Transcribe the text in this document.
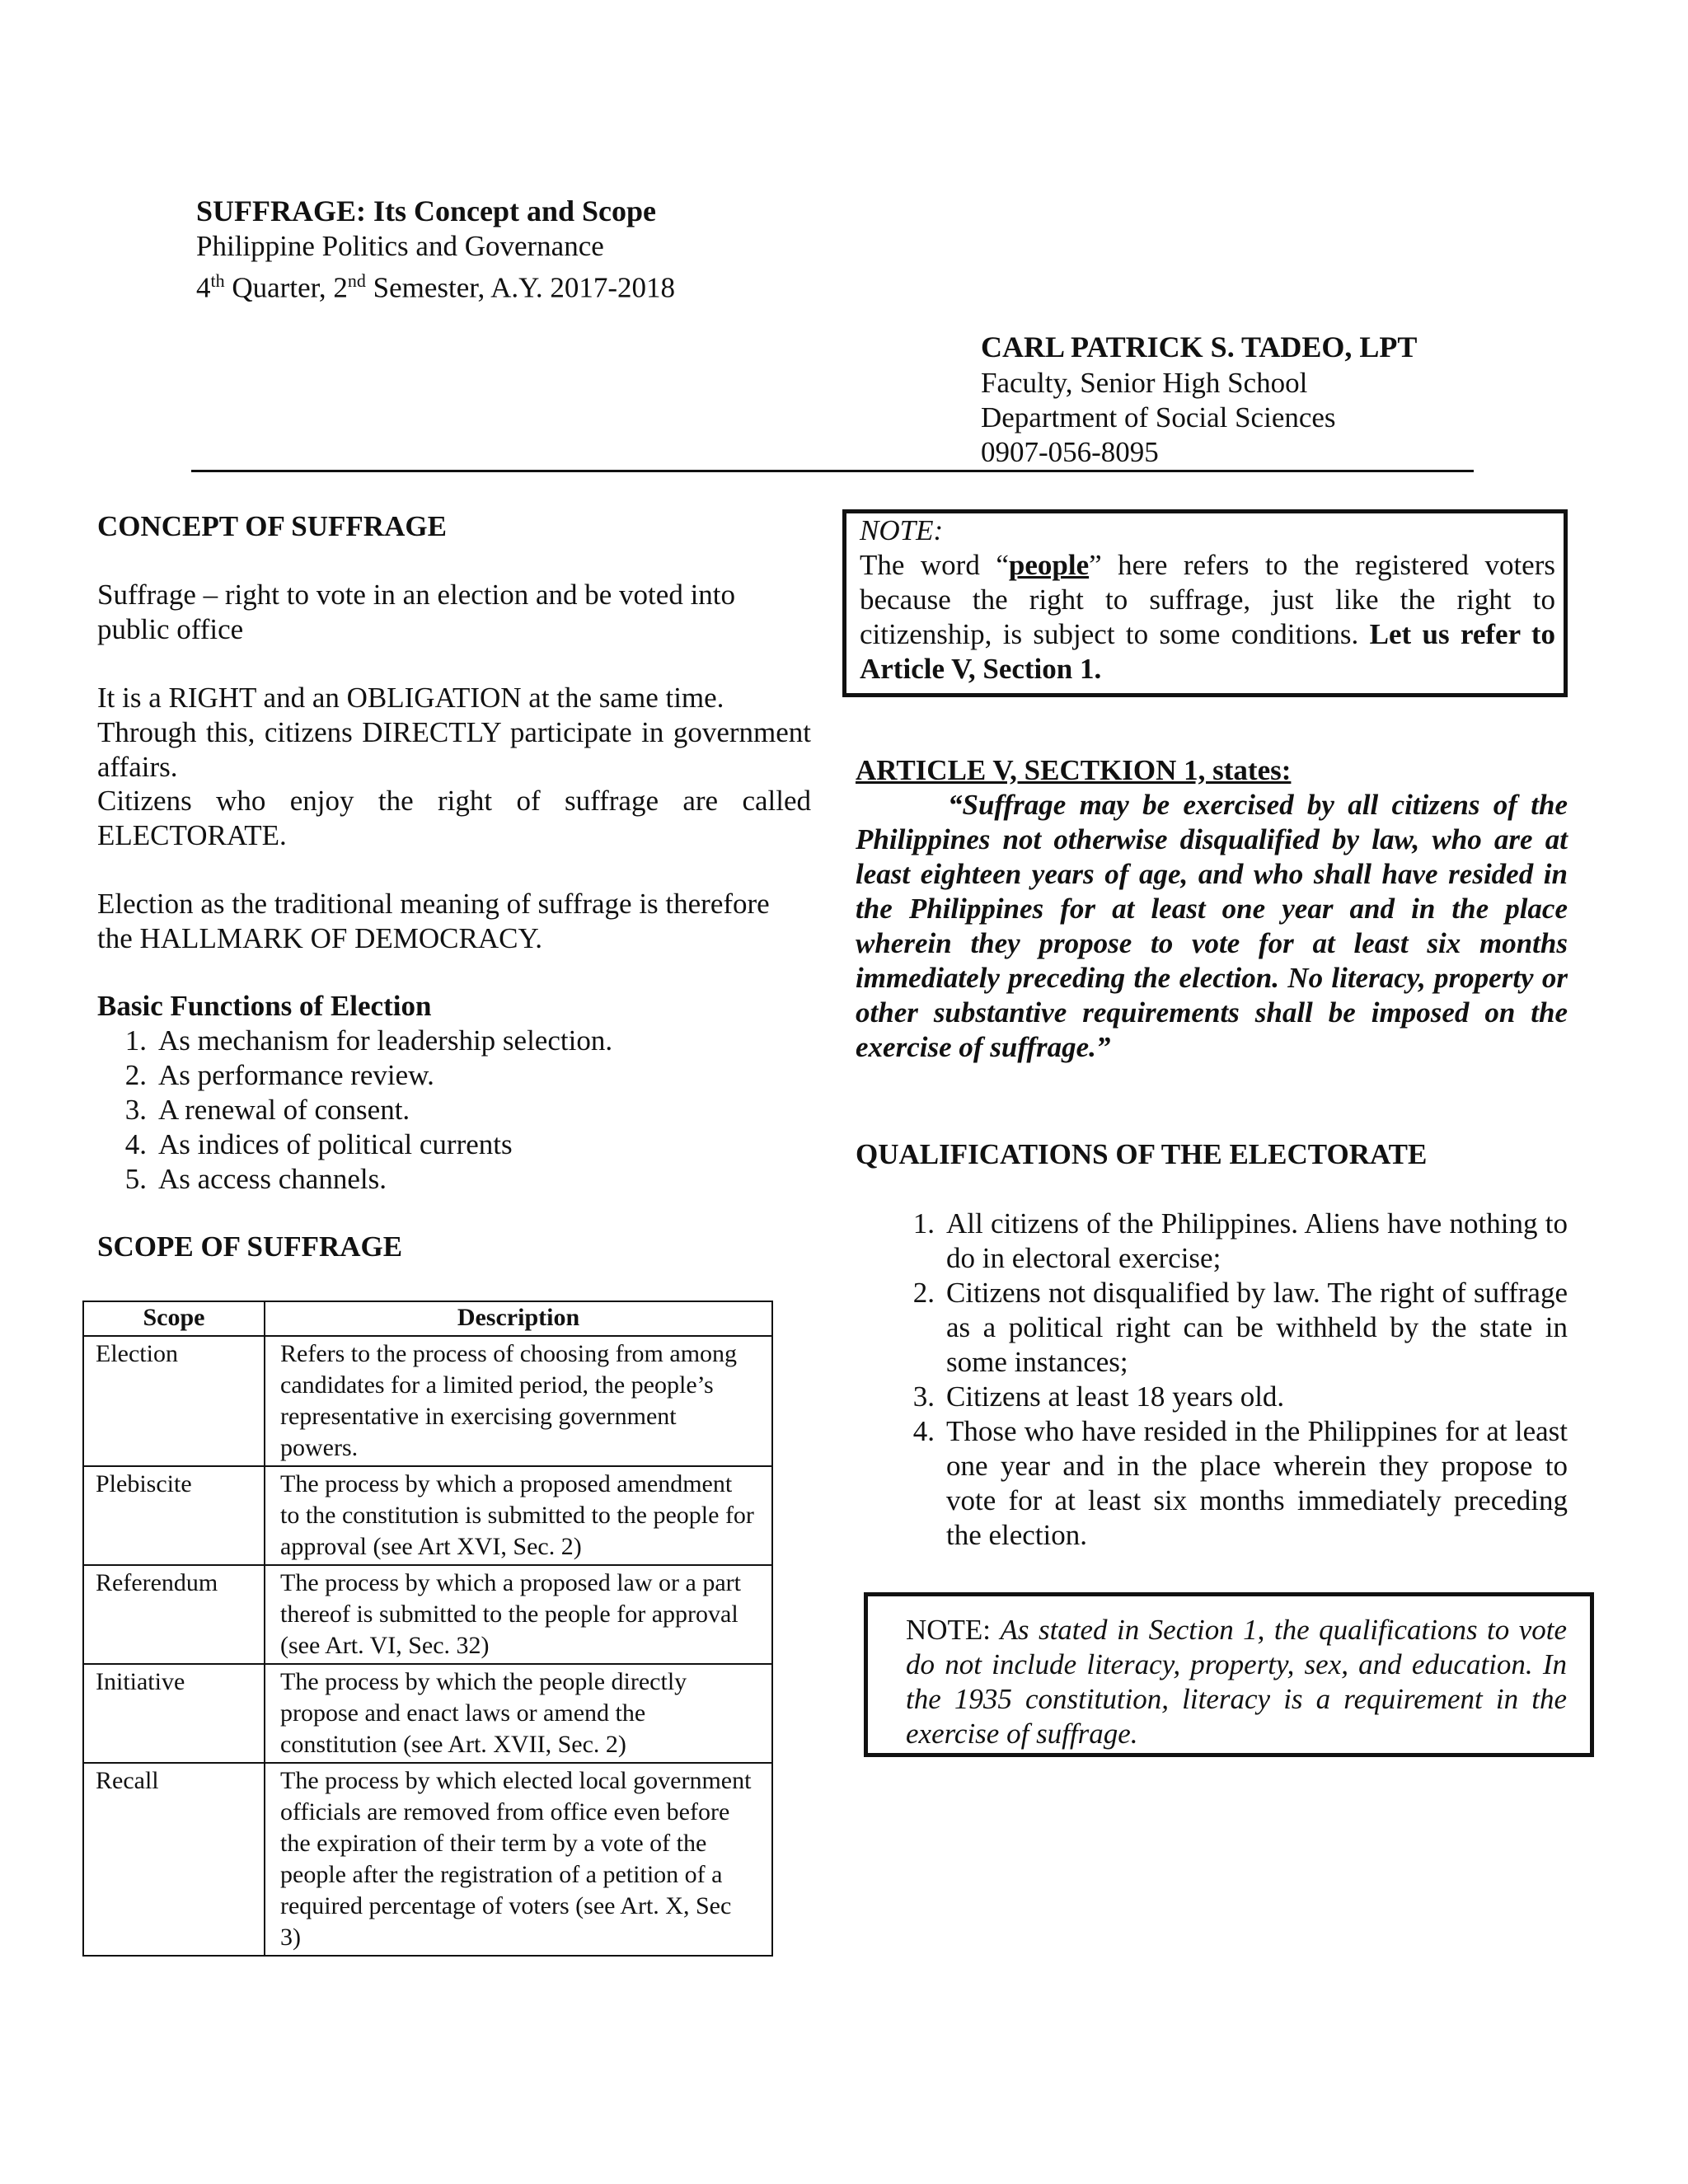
SUFFRAGE: Its Concept and Scope
Philippine Politics and Governance
4th Quarter, 2nd Semester, A.Y. 2017-2018
CARL PATRICK S. TADEO, LPT
Faculty, Senior High School
Department of Social Sciences
0907-056-8095
CONCEPT OF SUFFRAGE
Suffrage – right to vote in an election and be voted into public office
It is a RIGHT and an OBLIGATION at the same time.
Through this, citizens DIRECTLY participate in government affairs.
Citizens who enjoy the right of suffrage are called ELECTORATE.
Election as the traditional meaning of suffrage is therefore the HALLMARK OF DEMOCRACY.
Basic Functions of Election
1. As mechanism for leadership selection.
2. As performance review.
3. A renewal of consent.
4. As indices of political currents
5. As access channels.
SCOPE OF SUFFRAGE
Scope	Description
Election	Refers to the process of choosing from among candidates for a limited period, the people’s representative in exercising government powers.
Plebiscite	The process by which a proposed amendment to the constitution is submitted to the people for approval (see Art XVI, Sec. 2)
Referendum	The process by which a proposed law or a part thereof is submitted to the people for approval (see Art. VI, Sec. 32)
Initiative	The process by which the people directly propose and enact laws or amend the constitution (see Art. XVII, Sec. 2)
Recall	The process by which elected local government officials are removed from office even before the expiration of their term by a vote of the people after the registration of a petition of a required percentage of voters (see Art. X, Sec 3)
NOTE:
The word “people” here refers to the registered voters because the right to suffrage, just like the right to citizenship, is subject to some conditions. Let us refer to Article V, Section 1.
ARTICLE V, SECTKION 1, states:
“Suffrage may be exercised by all citizens of the Philippines not otherwise disqualified by law, who are at least eighteen years of age, and who shall have resided in the Philippines for at least one year and in the place wherein they propose to vote for at least six months immediately preceding the election. No literacy, property or other substantive requirements shall be imposed on the exercise of suffrage.”
QUALIFICATIONS OF THE ELECTORATE
1. All citizens of the Philippines. Aliens have nothing to do in electoral exercise;
2. Citizens not disqualified by law. The right of suffrage as a political right can be withheld by the state in some instances;
3. Citizens at least 18 years old.
4. Those who have resided in the Philippines for at least one year and in the place wherein they propose to vote for at least six months immediately preceding the election.
NOTE: As stated in Section 1, the qualifications to vote do not include literacy, property, sex, and education. In the 1935 constitution, literacy is a requirement in the exercise of suffrage.
